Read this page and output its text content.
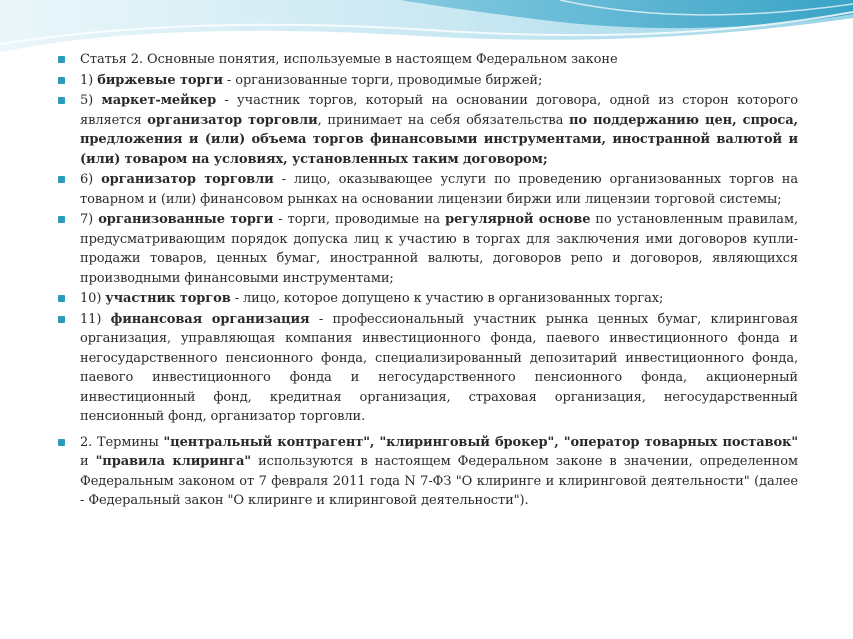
Статья 2. Основные понятия, используемые в настоящем Федеральном законе
1) биржевые торги - организованные торги, проводимые биржей;
5) маркет-мейкер - участник торгов, который на основании договора, одной из сторон которого является организатор торговли, принимает на себя обязательства по поддержанию цен, спроса, предложения и (или) объема торгов финансовыми инструментами, иностранной валютой и (или) товаром на условиях, установленных таким договором;
6) организатор торговли - лицо, оказывающее услуги по проведению организованных торгов на товарном и (или) финансовом рынках на основании лицензии биржи или лицензии торговой системы;
7) организованные торги - торги, проводимые на регулярной основе по установленным правилам, предусматривающим порядок допуска лиц к участию в торгах для заключения ими договоров купли-продажи товаров, ценных бумаг, иностранной валюты, договоров репо и договоров, являющихся производными финансовыми инструментами;
10) участник торгов - лицо, которое допущено к участию в организованных торгах;
11) финансовая организация - профессиональный участник рынка ценных бумаг, клиринговая организация, управляющая компания инвестиционного фонда, паевого инвестиционного фонда и негосударственного пенсионного фонда, специализированный депозитарий инвестиционного фонда, паевого инвестиционного фонда и негосударственного пенсионного фонда, акционерный инвестиционный фонд, кредитная организация, страховая организация, негосударственный пенсионный фонд, организатор торговли.
2. Термины "центральный контрагент", "клиринговый брокер", "оператор товарных поставок" и "правила клиринга" используются в настоящем Федеральном законе в значении, определенном Федеральным законом от 7 февраля 2011 года N 7-ФЗ "О клиринге и клиринговой деятельности" (далее - Федеральный закон "О клиринге и клиринговой деятельности").
